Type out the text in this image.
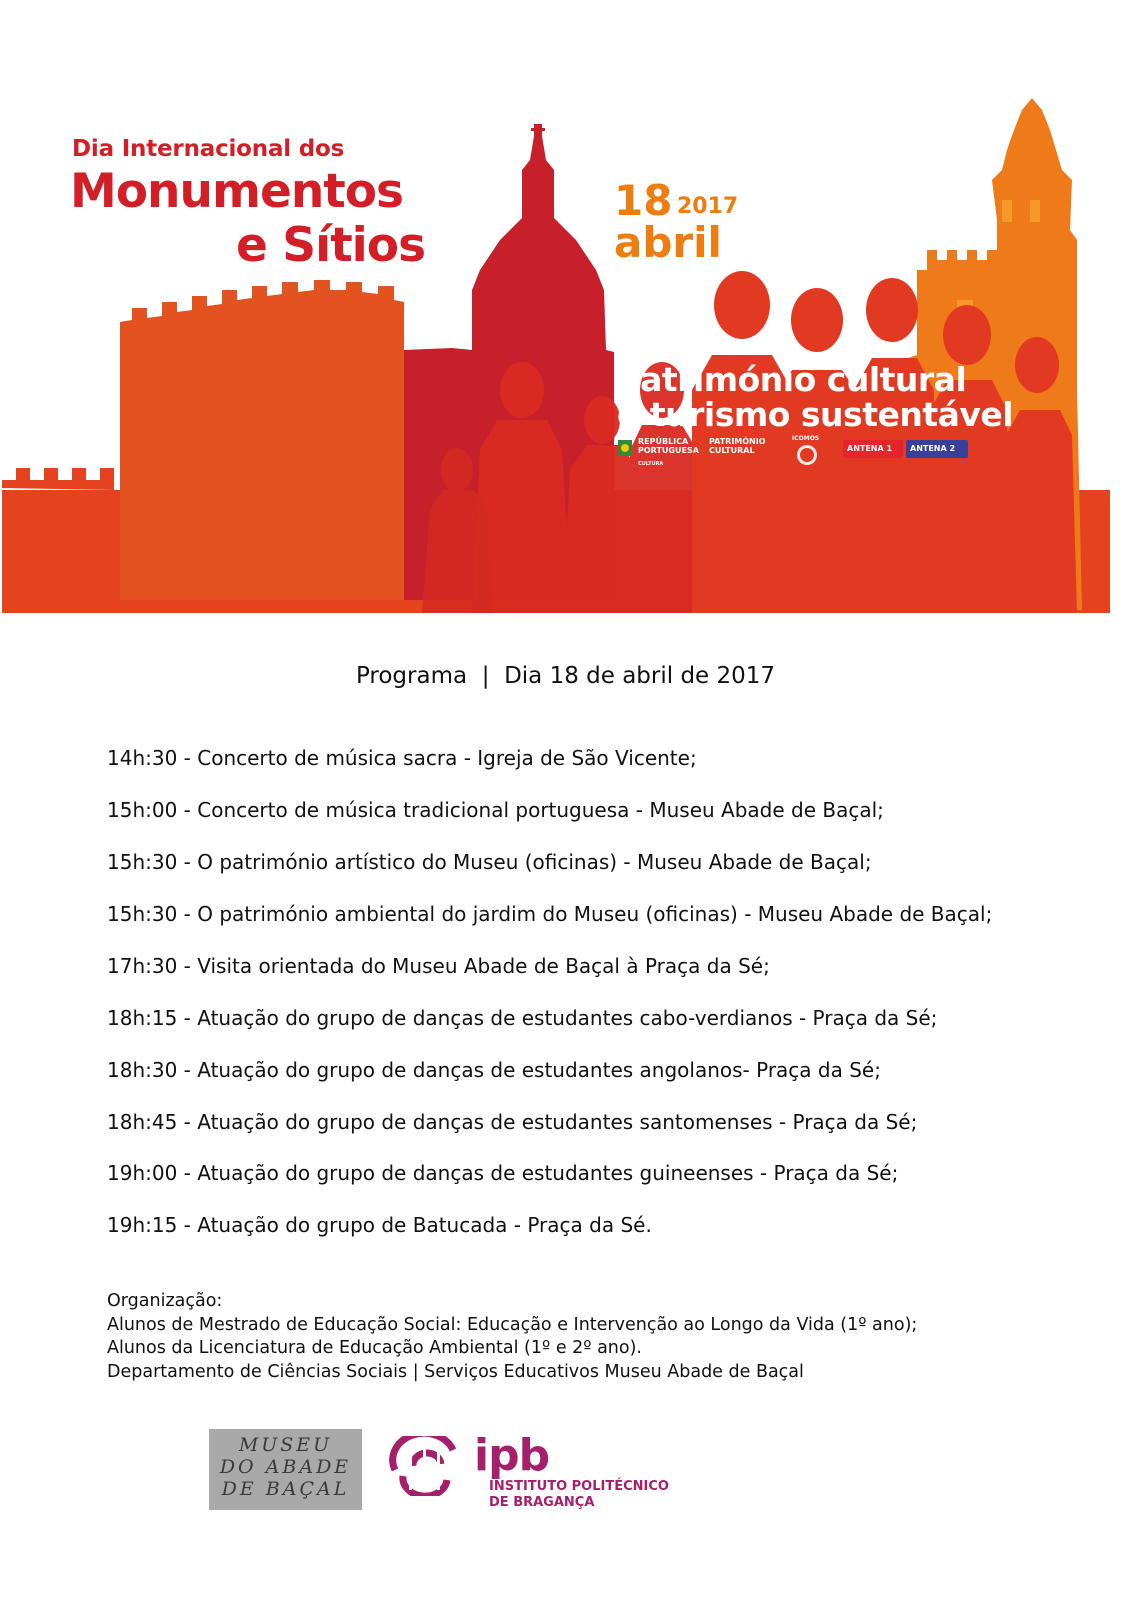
Dia Internacional dos
Monumentos
e Sítios
18 2017
abril
património cultural
e turismo sustentável
REPÚBLICA
PORTUGUESA
CULTURA
PATRIMÓNIO
CULTURAL
ICOMOS
ANTENA 1	ANTENA 2
Programa  |  Dia 18 de abril de 2017
14h:30 - Concerto de música sacra - Igreja de São Vicente;
15h:00 - Concerto de música tradicional portuguesa - Museu Abade de Baçal;
15h:30 - O património artístico do Museu (oficinas) - Museu Abade de Baçal;
15h:30 - O património ambiental do jardim do Museu (oficinas) - Museu Abade de Baçal;
17h:30 - Visita orientada do Museu Abade de Baçal à Praça da Sé;
18h:15 - Atuação do grupo de danças de estudantes cabo-verdianos - Praça da Sé;
18h:30 - Atuação do grupo de danças de estudantes angolanos- Praça da Sé;
18h:45 - Atuação do grupo de danças de estudantes santomenses - Praça da Sé;
19h:00 - Atuação do grupo de danças de estudantes guineenses - Praça da Sé;
19h:15 - Atuação do grupo de Batucada - Praça da Sé.
Organização:
Alunos de Mestrado de Educação Social: Educação e Intervenção ao Longo da Vida (1º ano);
Alunos da Licenciatura de Educação Ambiental (1º e 2º ano).
Departamento de Ciências Sociais | Serviços Educativos Museu Abade de Baçal
MUSEU
DO ABADE
DE BAÇAL
ipb
INSTITUTO POLITÉCNICO
DE BRAGANÇA
